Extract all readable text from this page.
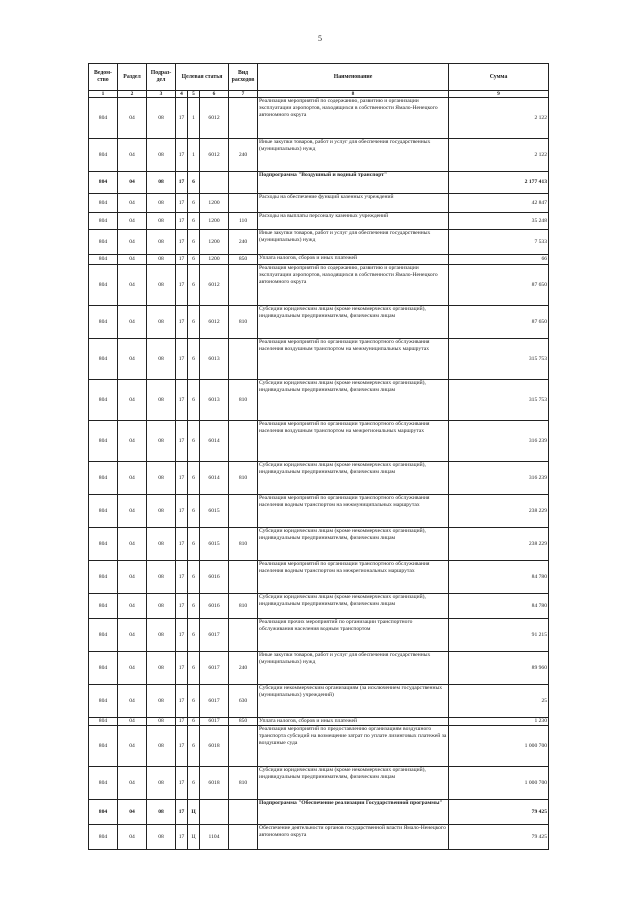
5
Ведом-ство	Раздел	Подраз-дел	Целевая статья			Вид расходов	Наименование	Сумма
1	2	3	4	5	6	7	8	9
804	04	08	17	1	6012		Реализация мероприятий по содержанию, развитию и организации эксплуатации аэропортов, находящихся в собственности Ямало-Ненецкого автономного округа	2 122
804	04	08	17	1	6012	240	Иные закупки товаров, работ и услуг для обеспечения государственных (муниципальных) нужд	2 122
804	04	08	17	6			Подпрограмма "Воздушный и водный транспорт"	2 177 413
804	04	08	17	6	1200		Расходы на обеспечение функций казенных учреждений	42 847
804	04	08	17	6	1200	110	Расходы на выплаты персоналу казенных учреждений	35 248
804	04	08	17	6	1200	240	Иные закупки товаров, работ и услуг для обеспечения государственных (муниципальных) нужд	7 533
804	04	08	17	6	1200	850	Уплата налогов, сборов и иных платежей	66
804	04	08	17	6	6012		Реализация мероприятий по содержанию, развитию и организации эксплуатации аэропортов, находящихся в собственности Ямало-Ненецкого автономного округа	87 650
804	04	08	17	6	6012	810	Субсидии юридическим лицам (кроме некоммерческих организаций), индивидуальным предпринимателям, физическим лицам	87 650
804	04	08	17	6	6013		Реализация мероприятий по организации транспортного обслуживания населения воздушным транспортом на межмуниципальных маршрутах	315 753
804	04	08	17	6	6013	810	Субсидии юридическим лицам (кроме некоммерческих организаций), индивидуальным предпринимателям, физическим лицам	315 753
804	04	08	17	6	6014		Реализация мероприятий по организации транспортного обслуживания населения воздушным транспортом на межрегиональных маршрутах	316 239
804	04	08	17	6	6014	810	Субсидии юридическим лицам (кроме некоммерческих организаций), индивидуальным предпринимателям, физическим лицам	316 239
804	04	08	17	6	6015		Реализация мероприятий по организации транспортного обслуживания населения водным транспортом на межмуниципальных маршрутах	238 229
804	04	08	17	6	6015	810	Субсидии юридическим лицам (кроме некоммерческих организаций), индивидуальным предпринимателям, физическим лицам	238 229
804	04	08	17	6	6016		Реализация мероприятий по организации транспортного обслуживания населения водным транспортом на межрегиональных маршрутах	84 780
804	04	08	17	6	6016	810	Субсидии юридическим лицам (кроме некоммерческих организаций), индивидуальным предпринимателям, физическим лицам	84 780
804	04	08	17	6	6017		Реализация прочих мероприятий по организации транспортного обслуживания населения водным транспортом	91 215
804	04	08	17	6	6017	240	Иные закупки товаров, работ и услуг для обеспечения государственных (муниципальных) нужд	89 960
804	04	08	17	6	6017	630	Субсидии некоммерческим организациям (за исключением государственных (муниципальных) учреждений)	25
804	04	08	17	6	6017	850	Уплата налогов, сборов и иных платежей	1 230
804	04	08	17	6	6018		Реализация мероприятий по предоставлению организациям воздушного транспорта субсидий на возмещение затрат по уплате лизинговых платежей за воздушные суда	1 000 700
804	04	08	17	6	6018	810	Субсидии юридическим лицам (кроме некоммерческих организаций), индивидуальным предпринимателям, физическим лицам	1 000 700
804	04	08	17	Ц			Подпрограмма "Обеспечение реализации Государственной программы"	79 425
804	04	08	17	Ц	1104		Обеспечение деятельности органов государственной власти Ямало-Ненецкого автономного округа	79 425
